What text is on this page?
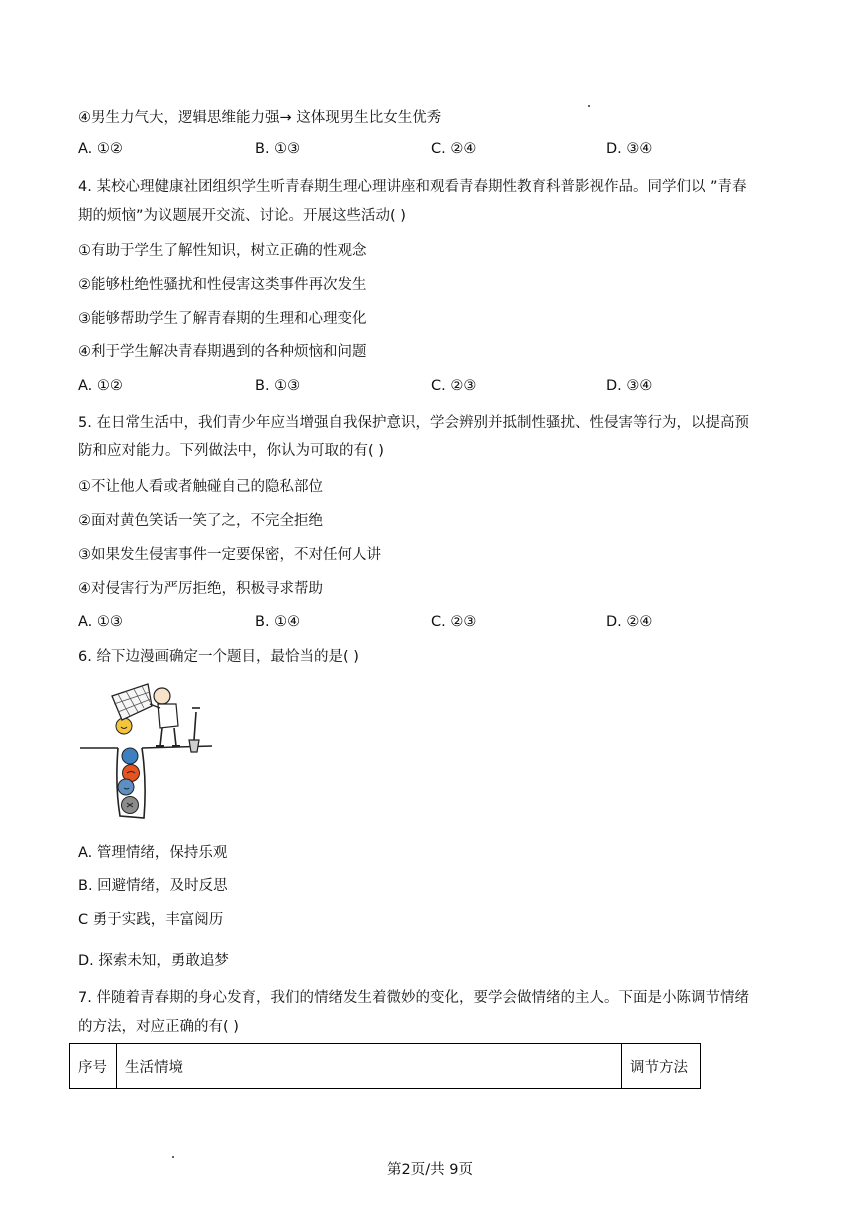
④男生力气大，逻辑思维能力强→ 这体现男生比女生优秀
A. ①②	B. ①③	C. ②④	D. ③④
4. 某校心理健康社团组织学生听青春期生理心理讲座和观看青春期性教育科普影视作品。同学们以 ”青春
期的烦恼”为议题展开交流、讨论。开展这些活动( )
①有助于学生了解性知识，树立正确的性观念
②能够杜绝性骚扰和性侵害这类事件再次发生
③能够帮助学生了解青春期的生理和心理变化
④利于学生解决青春期遇到的各种烦恼和问题
A. ①②	B. ①③	C. ②③	D. ③④
5. 在日常生活中，我们青少年应当增强自我保护意识，学会辨别并抵制性骚扰、性侵害等行为，以提高预
防和应对能力。下列做法中，你认为可取的有( )
①不让他人看或者触碰自己的隐私部位
②面对黄色笑话一笑了之，不完全拒绝
③如果发生侵害事件一定要保密，不对任何人讲
④对侵害行为严厉拒绝，积极寻求帮助
A. ①③	B. ①④	C. ②③	D. ②④
6. 给下边漫画确定一个题目，最恰当的是( )
A. 管理情绪，保持乐观
B. 回避情绪，及时反思
C 勇于实践，丰富阅历
D. 探索未知，勇敢追梦
7. 伴随着青春期的身心发育，我们的情绪发生着微妙的变化，要学会做情绪的主人。下面是小陈调节情绪
的方法，对应正确的有( )
序号	生活情境	调节方法
第2页/共 9页
